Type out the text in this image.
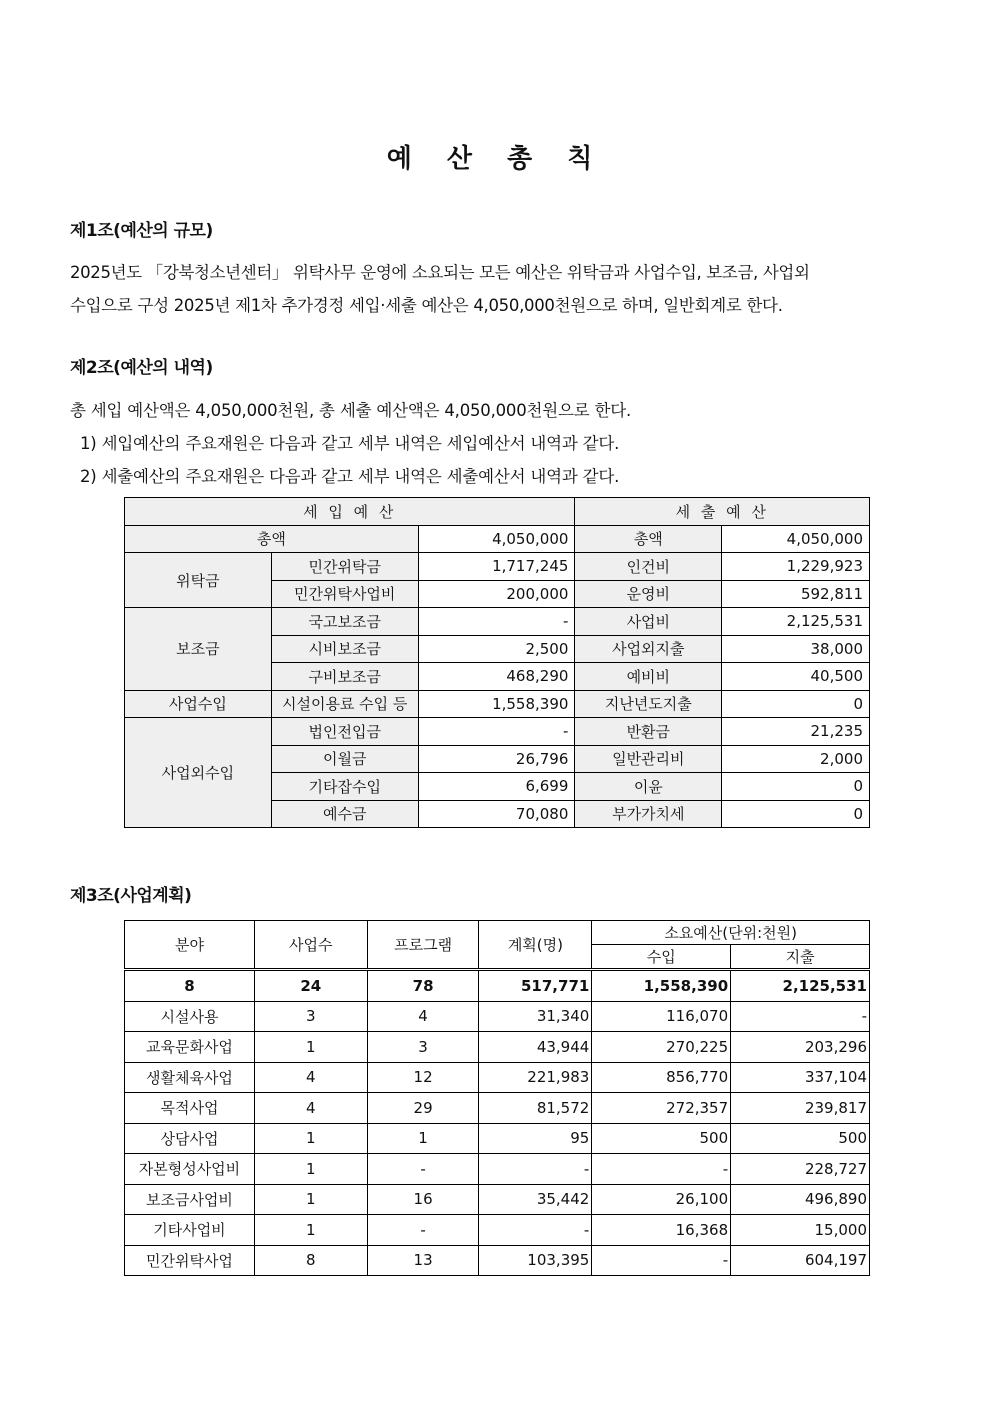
예 산 총 칙
제1조(예산의 규모)

2025년도 「강북청소년센터」 위탁사무 운영에 소요되는 모든 예산은 위탁금과 사업수입, 보조금, 사업외

수입으로 구성 2025년 제1차 추가경정 세입·세출 예산은 4,050,000천원으로 하며, 일반회계로 한다.

제2조(예산의 내역)

총 세입 예산액은 4,050,000천원, 총 세출 예산액은 4,050,000천원으로 한다.

1) 세입예산의 주요재원은 다음과 같고 세부 내역은 세입예산서 내역과 같다.

2) 세출예산의 주요재원은 다음과 같고 세부 내역은 세출예산서 내역과 같다.

세 입 예 산			세 출 예 산	
총액		4,050,000	총액	4,050,000
위탁금	민간위탁금	1,717,245	인건비	1,229,923
	민간위탁사업비	200,000	운영비	592,811
보조금	국고보조금	-	사업비	2,125,531
	시비보조금	2,500	사업외지출	38,000
	구비보조금	468,290	예비비	40,500
사업수입	시설이용료 수입 등	1,558,390	지난년도지출	0
사업외수입	법인전입금	-	반환금	21,235
	이월금	26,796	일반관리비	2,000
	기타잡수입	6,699	이윤	0
	예수금	70,080	부가가치세	0
제3조(사업계획)
분야	사업수	프로그램	계획(명)	소요예산(단위:천원)	
				수입	지출
8	24	78	517,771	1,558,390	2,125,531
시설사용	3	4	31,340	116,070	-
교육문화사업	1	3	43,944	270,225	203,296
생활체육사업	4	12	221,983	856,770	337,104
목적사업	4	29	81,572	272,357	239,817
상담사업	1	1	95	500	500
자본형성사업비	1	-	-	-	228,727
보조금사업비	1	16	35,442	26,100	496,890
기타사업비	1	-	-	16,368	15,000
민간위탁사업	8	13	103,395	-	604,197
